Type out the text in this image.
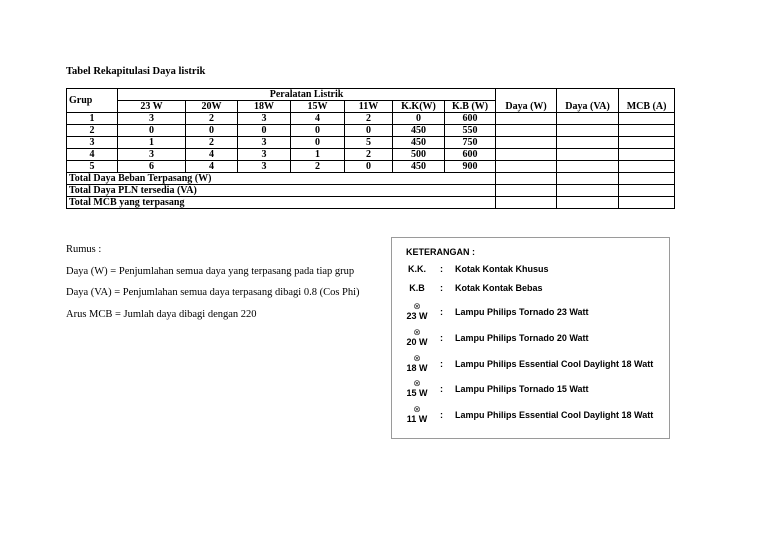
Tabel Rekapitulasi Daya listrik
Grup	Peralatan Listrik									
	23 W	20W	18W	15W	11W	K.K(W)	K.B (W)	Daya (W)	Daya (VA)	MCB (A)
1	3	2	3	4	2	0	600			
2	0	0	0	0	0	450	550			
3	1	2	3	0	5	450	750			
4	3	4	3	1	2	500	600			
5	6	4	3	2	0	450	900			
Total Daya Beban Terpasang (W)										
Total Daya PLN tersedia (VA)										
Total MCB yang terpasang										
Rumus :
Daya (W) = Penjumlahan semua daya yang terpasang pada tiap grup
Daya (VA) = Penjumlahan semua daya terpasang dibagi 0.8 (Cos Phi)
Arus MCB = Jumlah daya dibagi dengan 220
KETERANGAN :
K.K.	: Kotak Kontak Khusus
K.B	: Kotak Kontak Bebas
⊗
23 W : Lampu Philips Tornado 23 Watt
⊗
20 W : Lampu Philips Tornado 20 Watt
⊗
18 W : Lampu Philips Essential Cool Daylight 18 Watt
⊗
15 W : Lampu Philips Tornado 15 Watt
⊗
11 W	: Lampu Philips Essential Cool Daylight 18 Watt
